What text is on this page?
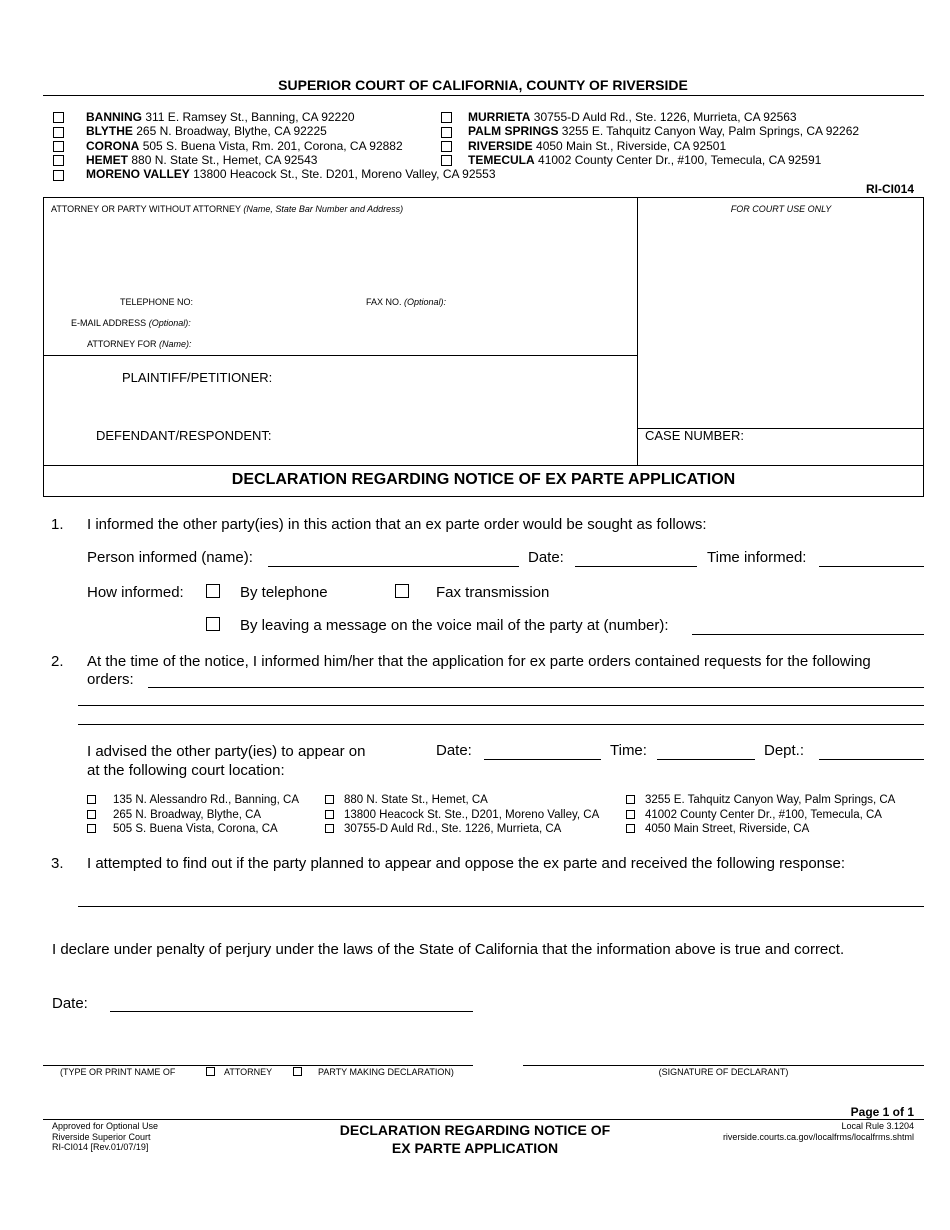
SUPERIOR COURT OF CALIFORNIA, COUNTY OF RIVERSIDE
BANNING 311 E. Ramsey St., Banning, CA 92220
BLYTHE 265 N. Broadway, Blythe, CA 92225
CORONA 505 S. Buena Vista, Rm. 201, Corona, CA 92882
HEMET 880 N. State St., Hemet, CA 92543
MORENO VALLEY 13800 Heacock St., Ste. D201, Moreno Valley, CA 92553
MURRIETA 30755-D Auld Rd., Ste. 1226, Murrieta, CA 92563
PALM SPRINGS 3255 E. Tahquitz Canyon Way, Palm Springs, CA 92262
RIVERSIDE 4050 Main St., Riverside, CA 92501
TEMECULA 41002 County Center Dr., #100, Temecula, CA 92591
RI-CI014
ATTORNEY OR PARTY WITHOUT ATTORNEY (Name, State Bar Number and Address)	FOR COURT USE ONLY
TELEPHONE NO:	FAX NO. (Optional):
E-MAIL ADDRESS (Optional):
ATTORNEY FOR (Name):
PLAINTIFF/PETITIONER:
DEFENDANT/RESPONDENT:	CASE NUMBER:
DECLARATION REGARDING NOTICE OF EX PARTE APPLICATION
1. I informed the other party(ies) in this action that an ex parte order would be sought as follows:
Person informed (name):	Date:	Time informed:
How informed:	By telephone	Fax transmission
By leaving a message on the voice mail of the party at (number):
2. At the time of the notice, I informed him/her that the application for ex parte orders contained requests for the following
orders:
I advised the other party(ies) to appear on
at the following court location:
Date:	Time:	Dept.:
135 N. Alessandro Rd., Banning, CA
265 N. Broadway, Blythe, CA
505 S. Buena Vista, Corona, CA
880 N. State St., Hemet, CA
13800 Heacock St. Ste., D201, Moreno Valley, CA
30755-D Auld Rd., Ste. 1226, Murrieta, CA
3255 E. Tahquitz Canyon Way, Palm Springs, CA
41002 County Center Dr., #100, Temecula, CA
4050 Main Street, Riverside, CA
3. I attempted to find out if the party planned to appear and oppose the ex parte and received the following response:
I declare under penalty of perjury under the laws of the State of California that the information above is true and correct.
Date:
(TYPE OR PRINT NAME OF	ATTORNEY	PARTY MAKING DECLARATION)	(SIGNATURE OF DECLARANT)
Page 1 of 1
Approved for Optional Use
Riverside Superior Court
RI-CI014 [Rev.01/07/19]
DECLARATION REGARDING NOTICE OF
EX PARTE APPLICATION
Local Rule 3.1204
riverside.courts.ca.gov/localfrms/localfrms.shtml
